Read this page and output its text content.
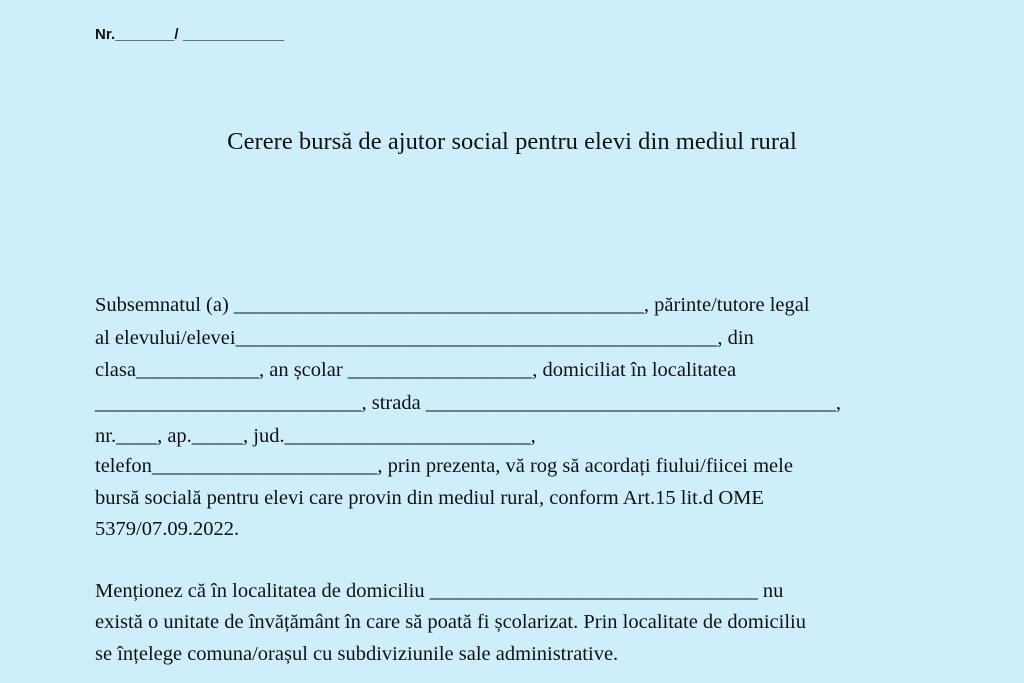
Nr._______/ ____________
Cerere bursă de ajutor social pentru elevi din mediul rural
Subsemnatul (a) ________________________________________, părinte/tutore legal
al elevului/elevei_______________________________________________, din
clasa____________, an școlar __________________, domiciliat în localitatea
__________________________, strada ________________________________________,
nr.____, ap._____, jud.________________________,
telefon______________________, prin prezenta, vă rog să acordați fiului/fiicei mele
bursă socială pentru elevi care provin din mediul rural, conform Art.15 lit.d OME
5379/07.09.2022.
Menționez că în localitatea de domiciliu ________________________________ nu
există o unitate de învățământ în care să poată fi școlarizat. Prin localitate de domiciliu
se înțelege comuna/orașul cu subdiviziunile sale administrative.
